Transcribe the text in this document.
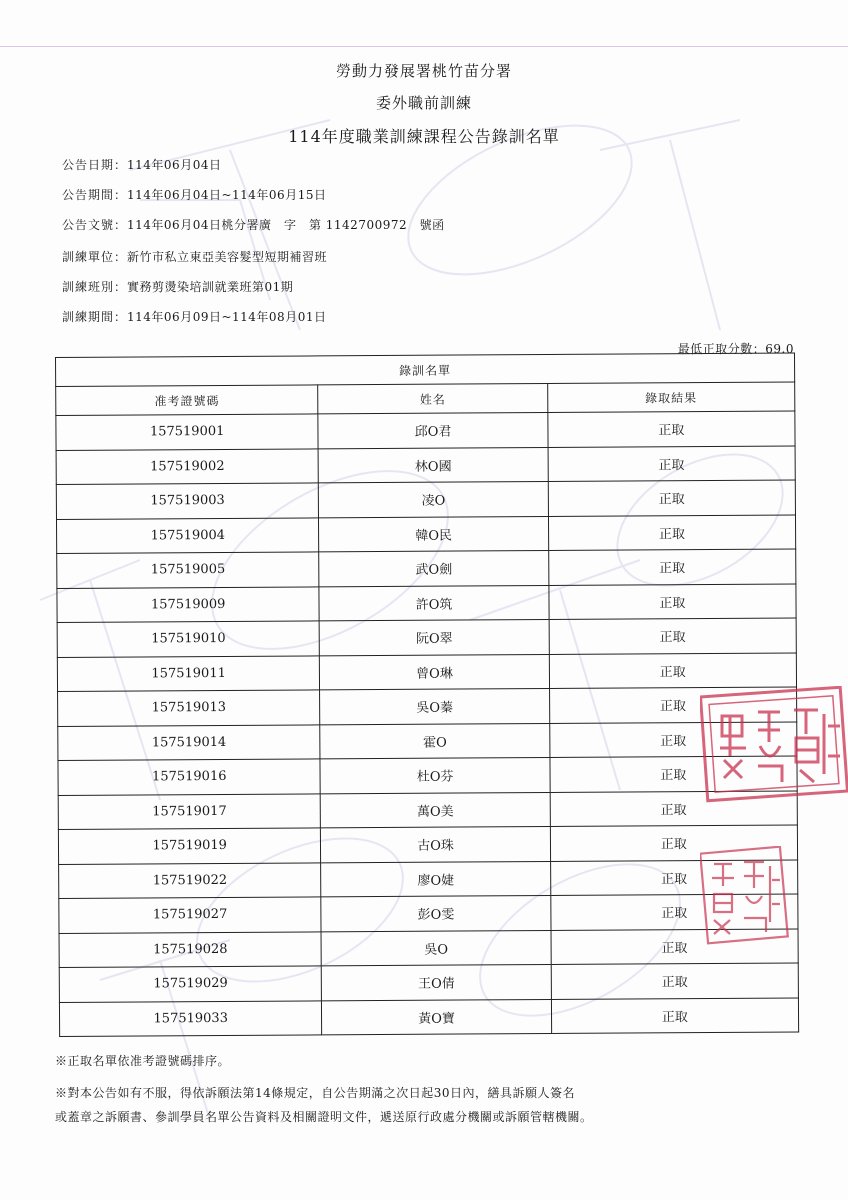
勞動力發展署桃竹苗分署
委外職前訓練
114年度職業訓練課程公告錄訓名單
公告日期：114年06月04日
公告期間：114年06月04日~114年06月15日
公告文號：114年06月04日桃分署廣　字　第 1142700972　號函
訓練單位：新竹市私立東亞美容髮型短期補習班
訓練班別：實務剪燙染培訓就業班第01期
訓練期間：114年06月09日~114年08月01日
最低正取分數：69.0
錄訓名單		
准考證號碼	姓名	錄取結果
157519001	邱O君	正取
157519002	林O國	正取
157519003	凌O	正取
157519004	韓O民	正取
157519005	武O劍	正取
157519009	許O筑	正取
157519010	阮O翠	正取
157519011	曾O琳	正取
157519013	吳O蓁	正取
157519014	霍O	正取
157519016	杜O芬	正取
157519017	萬O美	正取
157519019	古O珠	正取
157519022	廖O婕	正取
157519027	彭O雯	正取
157519028	吳O	正取
157519029	王O倩	正取
157519033	黃O寶	正取
※正取名單依准考證號碼排序。
※對本公告如有不服，得依訴願法第14條規定，自公告期滿之次日起30日內，繕具訴願人簽名
或蓋章之訴願書、參訓學員名單公告資料及相關證明文件，遞送原行政處分機關或訴願管轄機關。
